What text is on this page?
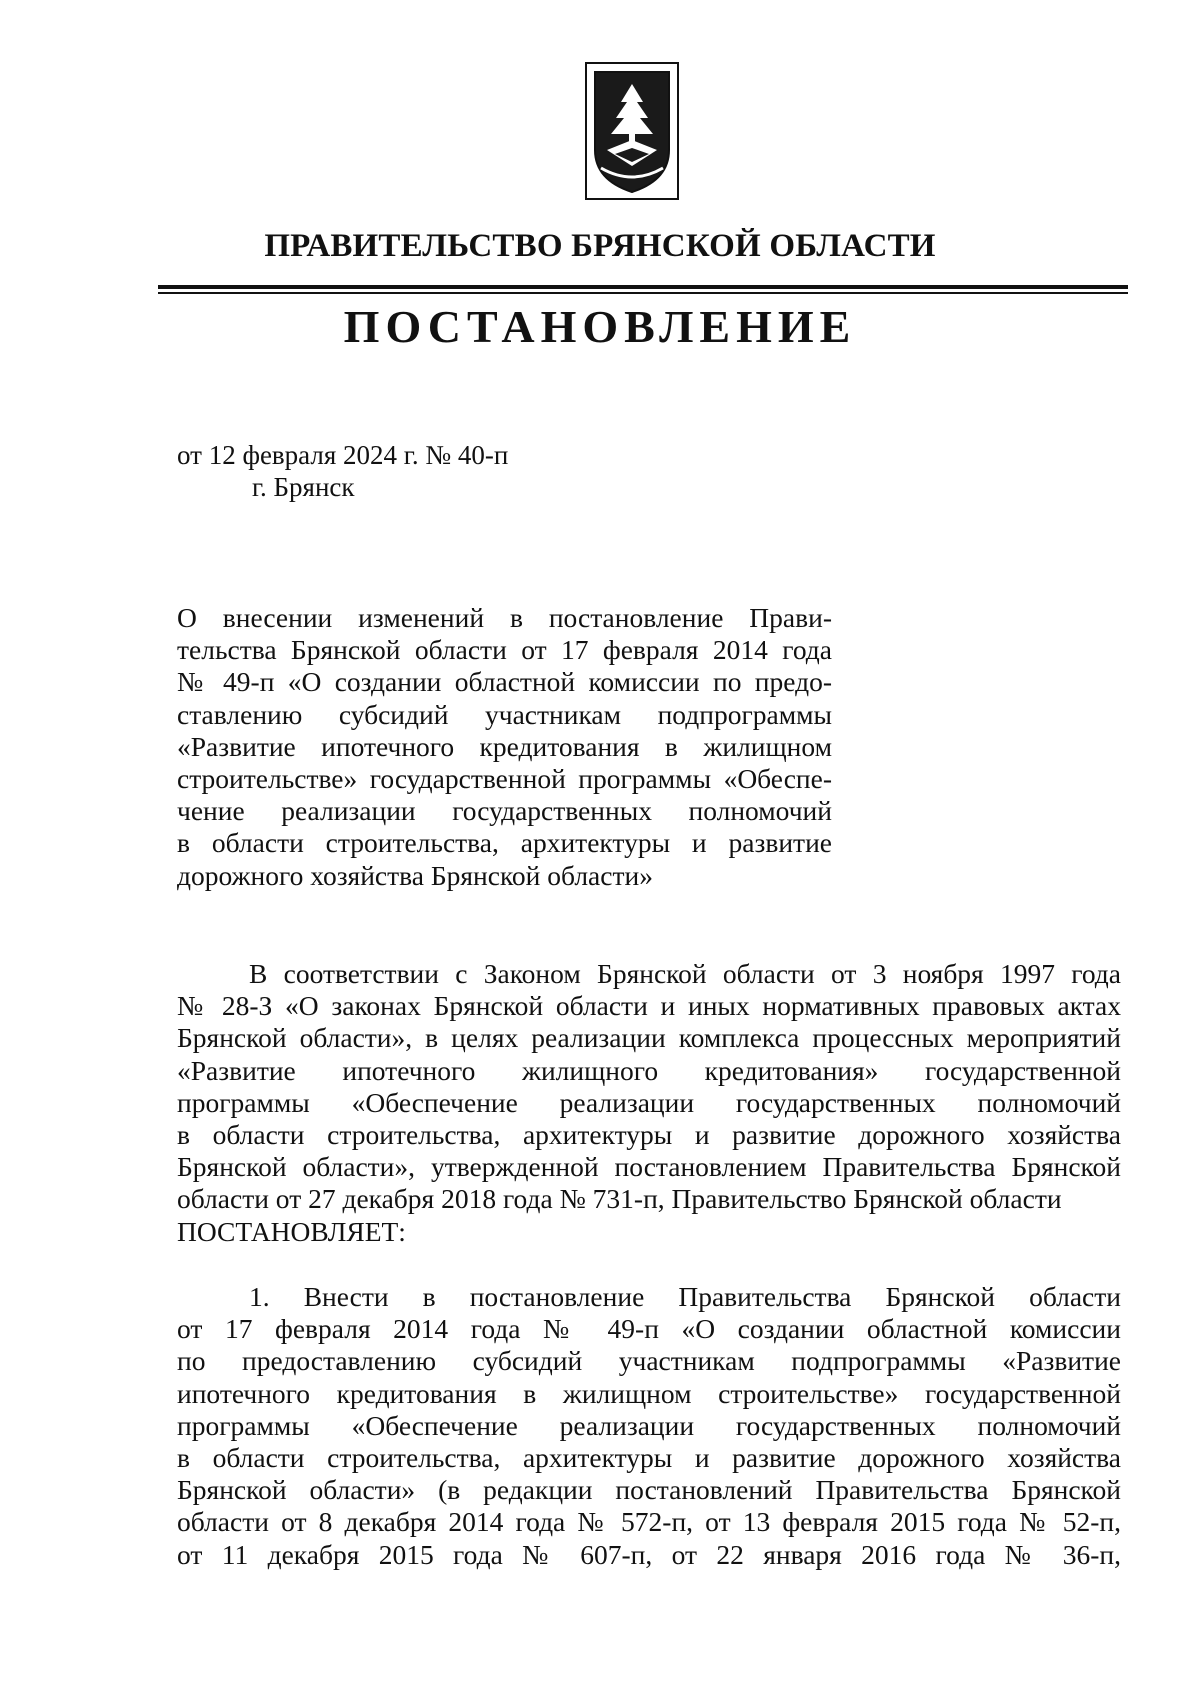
ПРАВИТЕЛЬСТВО БРЯНСКОЙ ОБЛАСТИ
ПОСТАНОВЛЕНИЕ
от 12 февраля 2024 г. № 40-п
г. Брянск
О внесении изменений в постановление Прави-
тельства Брянской области от 17 февраля 2014 года
№ 49-п «О создании областной комиссии по предо-
ставлению субсидий участникам подпрограммы
«Развитие ипотечного кредитования в жилищном
строительстве» государственной программы «Обеспе-
чение реализации государственных полномочий
в области строительства, архитектуры и развитие
дорожного хозяйства Брянской области»
В соответствии с Законом Брянской области от 3 ноября 1997 года
№ 28-З «О законах Брянской области и иных нормативных правовых актах
Брянской области», в целях реализации комплекса процессных мероприятий
«Развитие ипотечного жилищного кредитования» государственной
программы «Обеспечение реализации государственных полномочий
в области строительства, архитектуры и развитие дорожного хозяйства
Брянской области», утвержденной постановлением Правительства Брянской
области от 27 декабря 2018 года № 731-п, Правительство Брянской области
ПОСТАНОВЛЯЕТ:
1. Внести в постановление Правительства Брянской области
от 17 февраля 2014 года № 49-п «О создании областной комиссии
по предоставлению субсидий участникам подпрограммы «Развитие
ипотечного кредитования в жилищном строительстве» государственной
программы «Обеспечение реализации государственных полномочий
в области строительства, архитектуры и развитие дорожного хозяйства
Брянской области» (в редакции постановлений Правительства Брянской
области от 8 декабря 2014 года № 572-п, от 13 февраля 2015 года № 52-п,
от 11 декабря 2015 года № 607-п, от 22 января 2016 года № 36-п,
